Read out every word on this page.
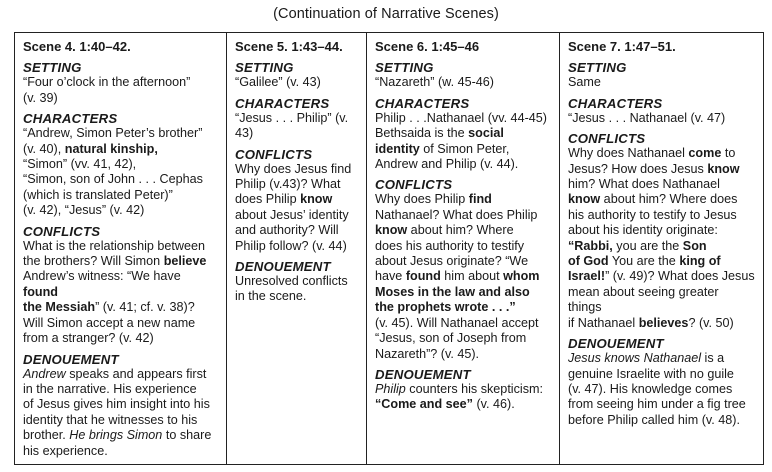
(Continuation of Narrative Scenes)
Scene 4. 1:40–42.
SETTING
“Four o’clock in the afternoon”
(v. 39)
CHARACTERS
“Andrew, Simon Peter’s brother”
(v. 40), natural kinship,
“Simon” (vv. 41, 42),
“Simon, son of John . . . Cephas
(which is translated Peter)”
(v. 42), “Jesus” (v. 42)
CONFLICTS
What is the relationship between
the brothers? Will Simon believe
Andrew’s witness: “We have found
the Messiah” (v. 41; cf. v. 38)?
Will Simon accept a new name
from a stranger? (v. 42)
DENOUEMENT
Andrew speaks and appears first
in the narrative. His experience
of Jesus gives him insight into his
identity that he witnesses to his
brother. He brings Simon to share
his experience.

Scene 5. 1:43–44.
SETTING
“Galilee” (v. 43)
CHARACTERS
“Jesus . . . Philip” (v. 43)
CONFLICTS
Why does Jesus find
Philip (v.43)? What
does Philip know
about Jesus’ identity
and authority? Will
Philip follow? (v. 44)
DENOUEMENT
Unresolved conflicts
in the scene.

Scene 6. 1:45–46
SETTING
“Nazareth” (w. 45-46)
CHARACTERS
Philip . . .Nathanael (vv. 44-45)
Bethsaida is the social
identity of Simon Peter,
Andrew and Philip (v. 44).
CONFLICTS
Why does Philip find
Nathanael? What does Philip
know about him? Where
does his authority to testify
about Jesus originate? “We
have found him about whom
Moses in the law and also
the prophets wrote . . .”
(v. 45). Will Nathanael accept
“Jesus, son of Joseph from
Nazareth”? (v. 45).
DENOUEMENT
Philip counters his skepticism:
“Come and see” (v. 46).

Scene 7. 1:47–51.
SETTING
Same
CHARACTERS
“Jesus . . . Nathanael (v. 47)
CONFLICTS
Why does Nathanael come to
Jesus? How does Jesus know
him? What does Nathanael
know about him? Where does
his authority to testify to Jesus
about his identity originate:
“Rabbi, you are the Son
of God You are the king of
Israel!” (v. 49)? What does Jesus
mean about seeing greater things
if Nathanael believes? (v. 50)
DENOUEMENT
Jesus knows Nathanael is a
genuine Israelite with no guile
(v. 47). His knowledge comes
from seeing him under a fig tree
before Philip called him (v. 48).
